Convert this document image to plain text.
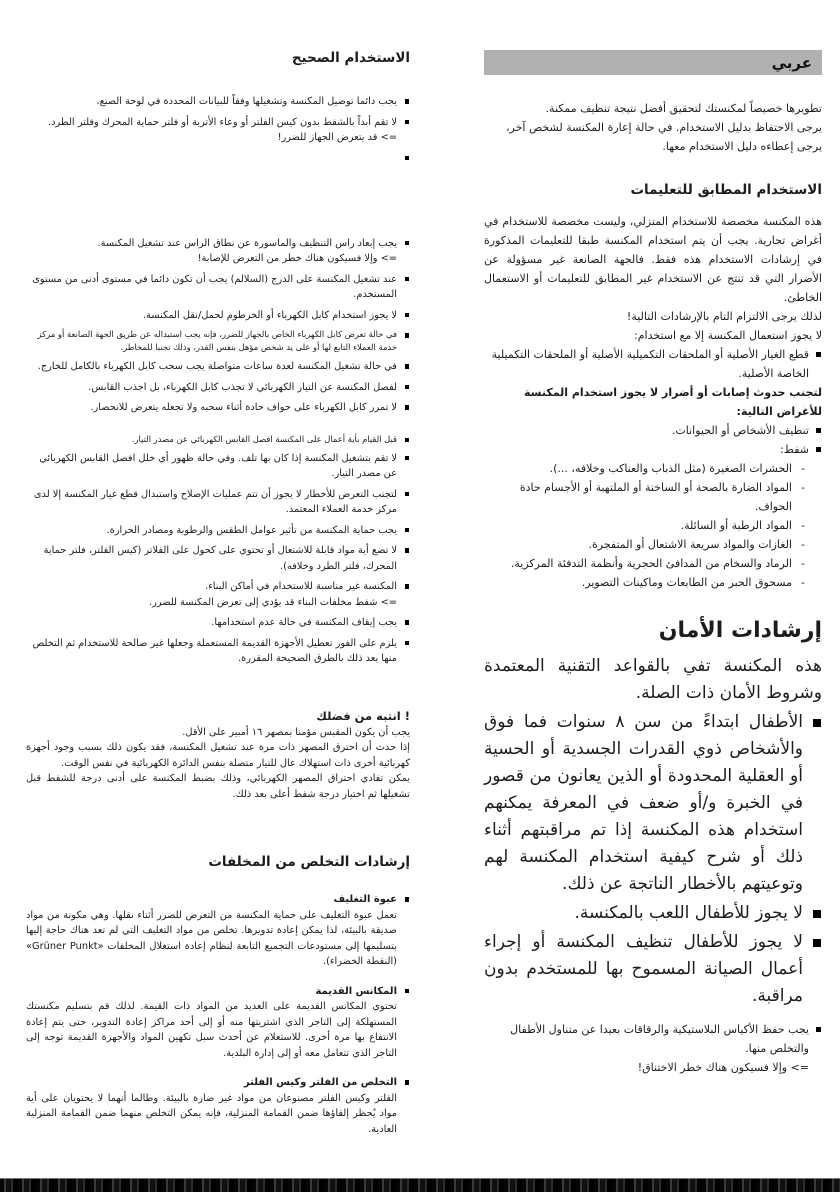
عربي

تطويرها خصيصاً لمكنستك لتحقيق أفضل نتيجة تنظيف ممكنة.

يرجى الاحتفاظ بدليل الاستخدام. في حالة إعارة المكنسة لشخص آخر، يرجى إعطاءه دليل الاستخدام معها.

الاستخدام المطابق للتعليمات

هذه المكنسة مخصصة للاستخدام المنزلي، وليست مخصصة للاستخدام في أغراض تجارية. يجب أن يتم استخدام المكنسة طبقا للتعليمات المذكورة في إرشادات الاستخدام هذه فقط. فالجهة الصانعة غير مسؤولة عن الأضرار التي قد تنتج عن الاستخدام غير المطابق للتعليمات أو الاستعمال الخاطئ.

لذلك يرجى الالتزام التام بالإرشادات التالية!

لا يجوز استعمال المكنسة إلا مع استخدام:

قطع الغيار الأصلية أو الملحقات التكميلية الأصلية أو الملحقات التكميلية الخاصة الأصلية.

لتجنب حدوث إصابات أو أضرار لا يجوز استخدام المكنسة للأغراض التالية:

تنظيف الأشخاص أو الحيوانات.
شفط:
-
الحشرات الصغيرة (مثل الذباب والعناكب وخلافه، ...).
-
المواد الضارة بالصحة أو الساخنة أو الملتهبة أو الأجسام حادة الحواف.
-
المواد الرطبة أو السائلة.
-
الغازات والمواد سريعة الاشتعال أو المتفجرة.
-
الرماد والسخام من المدافئ الحجرية وأنظمة التدفئة المركزية.
-
مسحوق الحبر من الطابعات وماكينات التصوير.
إرشادات الأمان

هذه المكنسة تفي بالقواعد التقنية المعتمدة وشروط الأمان ذات الصلة.

الأطفال ابتداءً من سن ٨ سنوات فما فوق والأشخاص ذوي القدرات الجسدية أو الحسية أو العقلية المحدودة أو الذين يعانون من قصور في الخبرة و/أو ضعف في المعرفة يمكنهم استخدام هذه المكنسة إذا تم مراقبتهم أثناء ذلك أو شرح كيفية استخدام المكنسة لهم وتوعيتهم بالأخطار الناتجة عن ذلك.
لا يجوز للأطفال اللعب بالمكنسة.
لا يجوز للأطفال تنظيف المكنسة أو إجراء أعمال الصيانة المسموح بها للمستخدم بدون مراقبة.
يجب حفظ الأكياس البلاستيكية والرقاقات بعيدا عن متناول الأطفال والتخلص منها.

=> وإلا فسيكون هناك خطر الاختناق!

الاستخدام الصحيح
يجب دائما توصيل المكنسة وتشغيلها وفقاً للبيانات المحددة في لوحة الصنع.
لا تقم أبداً بالشفط بدون كيس الفلتر أو وعاء الأتربة أو فلتر حماية المحرك وفلتر الطرد.

=> قد يتعرض الجهاز للضرر!

يجب إبعاد راس التنظيف والماسورة عن نطاق الراس عند تشغيل المكنسة.

=> وإلا فسيكون هناك خطر من التعرض للإصابة!

عند تشغيل المكنسة على الدرج (السلالم) يجب أن تكون دائما في مستوى أدنى من مستوى المستخدم.
لا يجوز استخدام كابل الكهرباء أو الخرطوم لحمل/نقل المكنسة.
في حالة تعرض كابل الكهرباء الخاص بالجهاز للضرر، فإنه يجب استبداله عن طريق الجهة الصانعة أو مركز خدمة العملاء التابع لها أو على يد شخص مؤهل بنفس القدر، وذلك تجنبا للمخاطر.
في حالة تشغيل المكنسة لعدة ساعات متواصلة يجب سحب كابل الكهرباء بالكامل للخارج.
لفصل المكنسة عن التيار الكهربائي لا تجذب كابل الكهرباء، بل اجذب القابس.
لا تمرر كابل الكهرباء على حواف حادة أثناء سحبه ولا تجعله يتعرض للانحصار.
قبل القيام بأية أعمال على المكنسة افصل القابس الكهربائي عن مصدر التيار.
لا تقم بتشغيل المكنسة إذا كان بها تلف. وفي حالة ظهور أي خلل افصل القابس الكهربائي عن مصدر التيار.
لتجنب التعرض للأخطار لا يجوز أن تتم عمليات الإصلاح واستبدال قطع غيار المكنسة إلا لدى مركز خدمة العملاء المعتمد.
يجب حماية المكنسة من تأثير عوامل الطقس والرطوبة ومصادر الحرارة.
لا تضع أية مواد قابلة للاشتعال أو تحتوي على كحول على الفلاتر (كيس الفلتر، فلتر حماية المحرك، فلتر الطرد وخلافه).
المكنسة غير مناسبة للاستخدام في أماكن البناء.

=> شفط مخلفات البناء قد يؤدي إلى تعرض المكنسة للضرر.

يجب إيقاف المكنسة في حالة عدم استخدامها.
يلزم على الفور تعطيل الأجهزة القديمة المستعملة وجعلها غير صالحة للاستخدام ثم التخلص منها بعد ذلك بالطرق الصحيحة المقررة.
! انتبه من فضلك

يجب أن يكون المقبس مؤمنا بمصهر ١٦ أمبير على الأقل.

إذا حدث أن احترق المصهر ذات مرة عند تشغيل المكنسة، فقد يكون ذلك بسبب وجود أجهزة كهربائية أخرى ذات استهلاك عال للتيار متصلة بنفس الدائرة الكهربائية في نفس الوقت.

يمكن تفادي احتراق المصهر الكهربائي، وذلك بضبط المكنسة على أدنى درجة للشفط قبل تشغيلها ثم اختيار درجة شفط أعلى بعد ذلك.

إرشادات التخلص من المخلفات
عبوة التغليف

تعمل عبوة التغليف على حماية المكنسة من التعرض للضرر أثناء نقلها. وهي مكونة من مواد صديقة بالبيئة، لذا يمكن إعادة تدويرها. تخلص من مواد التغليف التي لم تعد هناك حاجة إليها بتسليمها إلى مستودعات التجميع التابعة لنظام إعادة استغلال المخلفات «Grüner Punkt» (النقطة الخضراء).

المكانس القديمة

تحتوي المكانس القديمة على العديد من المواد ذات القيمة. لذلك قم بتسليم مكنستك المستهلكة إلى التاجر الذي اشتريتها منه أو إلى أحد مراكز إعادة التدوير، حتى يتم إعادة الانتفاع بها مرة أخرى. للاستعلام عن أحدث سبل تكهين المواد والأجهزة القديمة توجه إلى التاجر الذي تتعامل معه أو إلى إدارة البلدية.

التخلص من الفلتر وكيس الفلتر

الفلتر وكيس الفلتر مصنوعان من مواد غير ضارة بالبيئة. وطالما أنهما لا يحتويان على أية مواد يُحظر إلقاؤها ضمن القمامة المنزلية، فإنه يمكن التخلص منهما ضمن القمامة المنزلية العادية.
